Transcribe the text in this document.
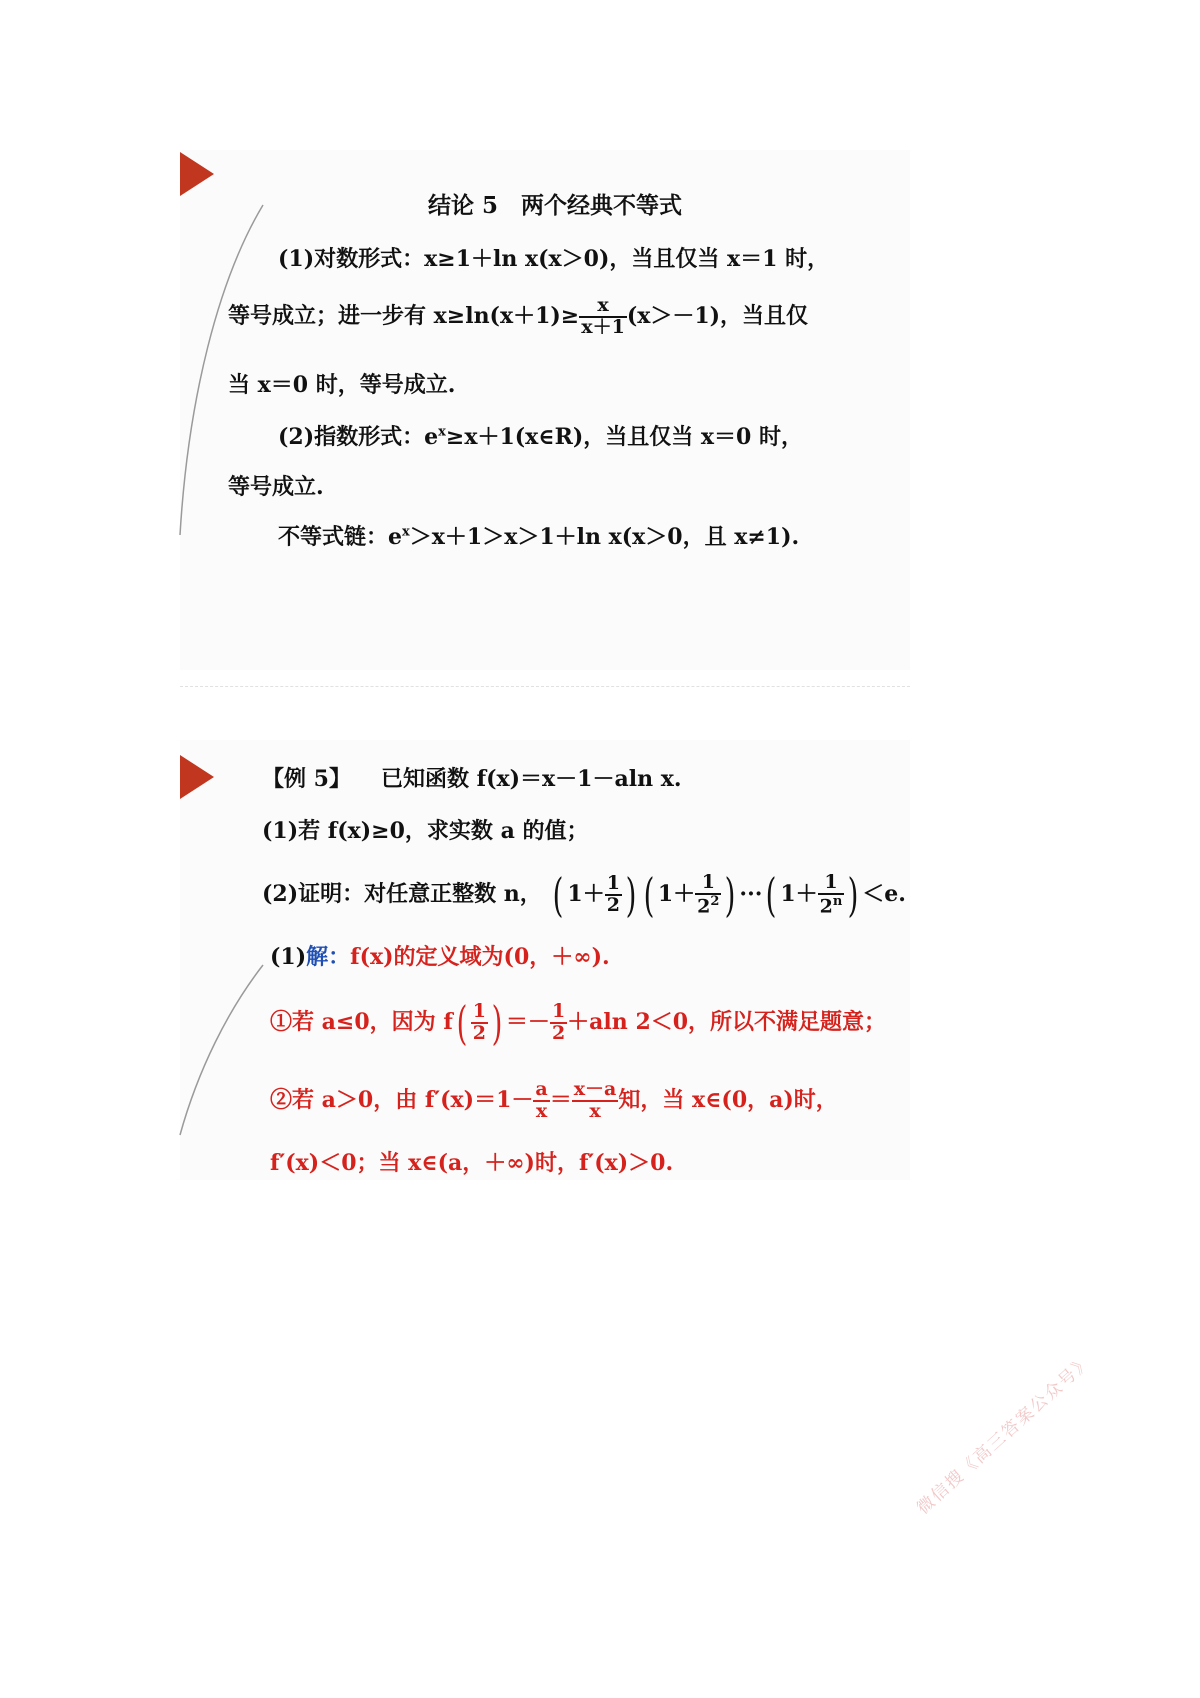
结论 5　两个经典不等式
(1)对数形式：x≥1＋ln x(x＞0)，当且仅当 x＝1 时，
等号成立；进一步有 $x\ge\ln(x+1)\ge \frac{x}{x+1} (x>-1)$，当且仅
当 x＝0 时，等号成立.
(2)指数形式：$e^x\ge x+1(x\in R)$，当且仅当 x＝0 时，
等号成立.
不等式链：$e^x>x+1>x>1+\ln$ x(x＞0，且 x≠1).
【例 5】 已知函数 f(x)＝x－1－aln x.
(1)若 f(x)≥0，求实数 a 的值；
(2)证明：对任意正整数 n， ( $1+ \frac{1}{2}$ ) ( $1+ \frac{1}{2^2}$ ) ···( $1+ \frac{1}{2^n}$ ) ＜e.
(1)解：f(x)的定义域为(0，＋∞).
①若 a≤0，因为 $f( \frac{1}{2}$ ) ＝－ $\frac{1}{2} +aln$ 2＜0，所以不满足题意；
②若 a＞0，由 $f'(x)=1- \frac{a}{x} = \frac{x-a}{x}$ 知，当 x∈(0，a)时，
f′(x)＜0；当 x∈(a，＋∞)时，f′(x)＞0.
微信搜《高三答案公众号》
